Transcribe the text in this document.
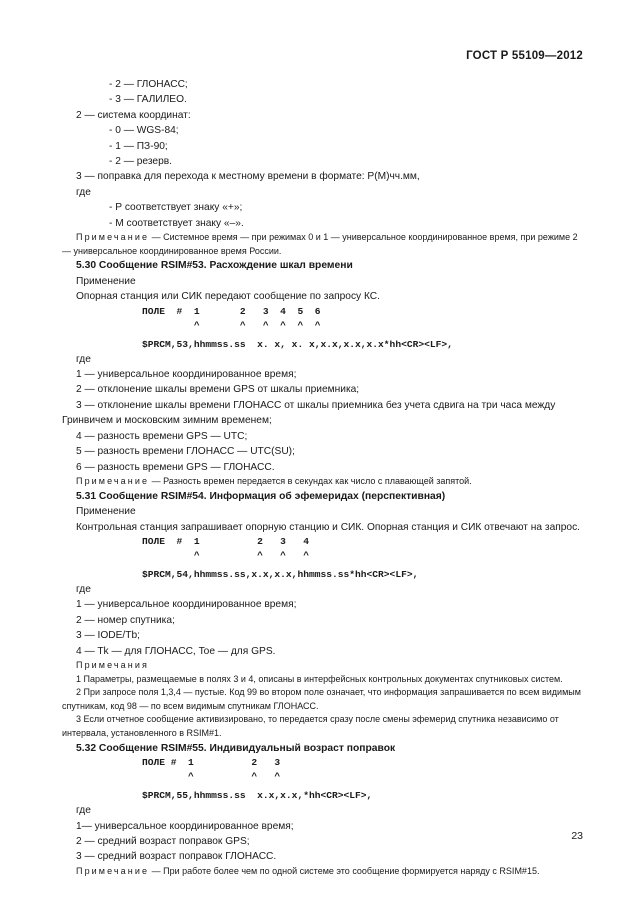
ГОСТ Р 55109—2012
- 2 — ГЛОНАСС;
- 3 — ГАЛИЛЕО.
2 — система координат:
- 0 — WGS-84;
- 1 — ПЗ-90;
- 2 — резерв.
3 — поправка для перехода к местному времени в формате: Р(М)чч.мм,
где
- Р соответствует знаку «+»;
- М соответствует знаку «–».
Примечание — Системное время — при режимах 0 и 1 — универсальное координированное время, при режиме 2 — универсальное координированное время России.
5.30 Сообщение RSIM#53. Расхождение шкал времени
Применение
Опорная станция или СИК передают сообщение по запросу КС.
ПОЛЕ  #  1       2   3  4  5  6
^       ^   ^  ^  ^  ^
$PRCM,53,hhmmss.ss  x. x, x. x,x.x,x.x,x.x*hh<CR><LF>,
где
1 — универсальное координированное время;
2 — отклонение шкалы времени GPS от шкалы приемника;
3 — отклонение шкалы времени ГЛОНАСС от шкалы приемника без учета сдвига на три часа между Гринвичем и московским зимним временем;
4 — разность времени GPS — UTC;
5 — разность времени ГЛОНАСС — UTC(SU);
6 — разность времени GPS — ГЛОНАСС.
Примечание — Разность времен передается в секундах как число с плавающей запятой.
5.31 Сообщение RSIM#54. Информация об эфемеридах (перспективная)
Применение
Контрольная станция запрашивает опорную станцию и СИК. Опорная станция и СИК отвечают на запрос.
ПОЛЕ  #  1          2   3   4
^          ^   ^   ^
$PRCM,54,hhmmss.ss,x.x,x.x,hhmmss.ss*hh<CR><LF>,
где
1 — универсальное координированное время;
2 — номер спутника;
3 — IODE/Tb;
4 — Tk — для ГЛОНАСС, Toe — для GPS.
Примечания
1 Параметры, размещаемые в полях 3 и 4, описаны в интерфейсных контрольных документах спутниковых систем.
2 При запросе поля 1,3,4 — пустые. Код 99 во втором поле означает, что информация запрашивается по всем видимым спутникам, код 98 — по всем видимым спутникам ГЛОНАСС.
3 Если отчетное сообщение активизировано, то передается сразу после смены эфемерид спутника независимо от интервала, установленного в RSIM#1.
5.32 Сообщение RSIM#55. Индивидуальный возраст поправок
ПОЛЕ #  1          2   3
^          ^   ^
$PRCM,55,hhmmss.ss  x.x,x.x,*hh<CR><LF>,
где
1— универсальное координированное время;
2 — средний возраст поправок GPS;
3 — средний возраст поправок ГЛОНАСС.
Примечание — При работе более чем по одной системе это сообщение формируется наряду с RSIM#15.
23
